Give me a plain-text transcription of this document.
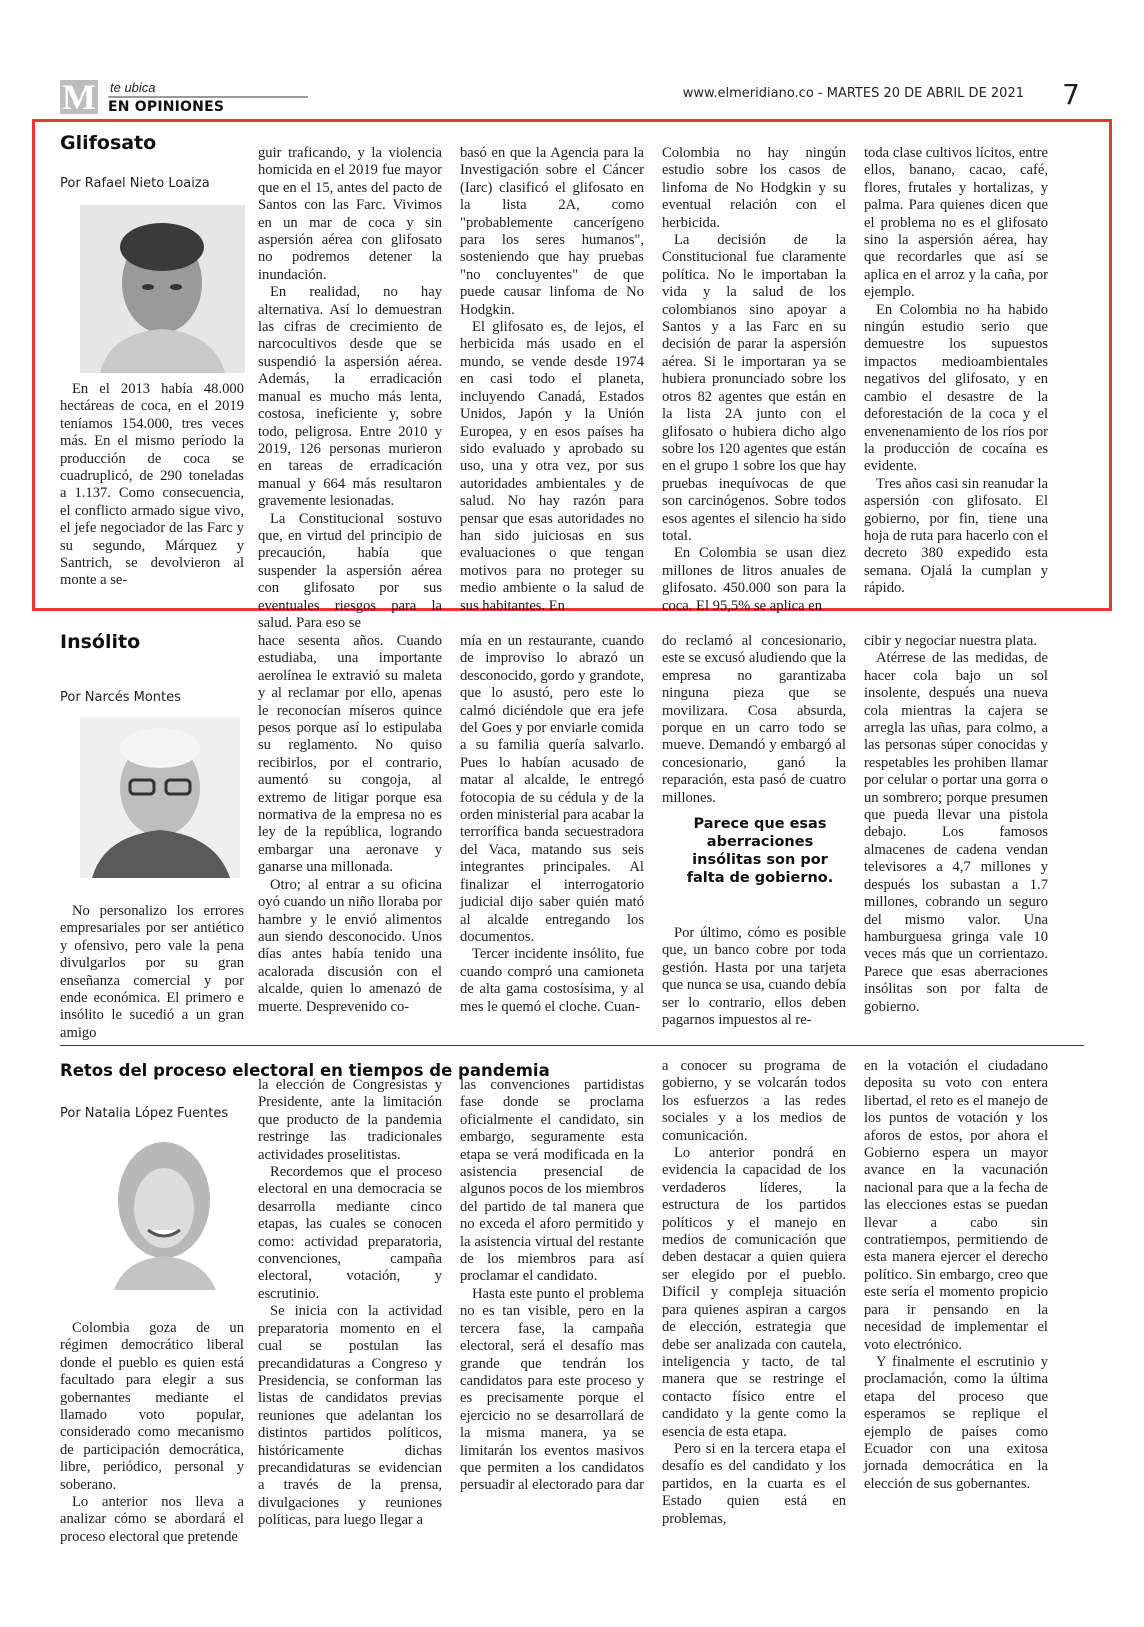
M te ubica
EN OPINIONES
www.elmeridiano.co - MARTES 20 DE ABRIL DE 2021 7
Glifosato
Por Rafael Nieto Loaiza

En el 2013 había 48.000 hectáreas de coca, en el 2019 teníamos 154.000, tres veces más. En el mismo período la producción de coca se cuadruplicó, de 290 toneladas a 1.137. Como consecuencia, el conflicto armado sigue vivo, el jefe negociador de las Farc y su segundo, Márquez y Santrich, se devolvieron al monte a se-

guir traficando, y la violencia homicida en el 2019 fue mayor que en el 15, antes del pacto de Santos con las Farc. Vivimos en un mar de coca y sin aspersión aérea con glifosato no podremos detener la inundación.

En realidad, no hay alternativa. Así lo demuestran las cifras de crecimiento de narcocultivos desde que se suspendió la aspersión aérea. Además, la erradicación manual es mucho más lenta, costosa, ineficiente y, sobre todo, peligrosa. Entre 2010 y 2019, 126 personas murieron en tareas de erradicación manual y 664 más resultaron gravemente lesionadas.

La Constitucional sostuvo que, en virtud del principio de precaución, había que suspender la aspersión aérea con glifosato por sus eventuales riesgos para la salud. Para eso se

basó en que la Agencia para la Investigación sobre el Cáncer (Iarc) clasificó el glifosato en la lista 2A, como "probablemente cancerígeno para los seres humanos", sosteniendo que hay pruebas "no concluyentes" de que puede causar linfoma de No Hodgkin.

El glifosato es, de lejos, el herbicida más usado en el mundo, se vende desde 1974 en casi todo el planeta, incluyendo Canadá, Estados Unidos, Japón y la Unión Europea, y en esos países ha sido evaluado y aprobado su uso, una y otra vez, por sus autoridades ambientales y de salud. No hay razón para pensar que esas autoridades no han sido juiciosas en sus evaluaciones o que tengan motivos para no proteger su medio ambiente o la salud de sus habitantes. En

Colombia no hay ningún estudio sobre los casos de linfoma de No Hodgkin y su eventual relación con el herbicida.

La decisión de la Constitucional fue claramente política. No le importaban la vida y la salud de los colombianos sino apoyar a Santos y a las Farc en su decisión de parar la aspersión aérea. Si le importaran ya se hubiera pronunciado sobre los otros 82 agentes que están en la lista 2A junto con el glifosato o hubiera dicho algo sobre los 120 agentes que están en el grupo 1 sobre los que hay pruebas inequívocas de que son carcinógenos. Sobre todos esos agentes el silencio ha sido total.

En Colombia se usan diez millones de litros anuales de glifosato. 450.000 son para la coca. El 95,5% se aplica en

toda clase cultivos lícitos, entre ellos, banano, cacao, café, flores, frutales y hortalizas, y palma. Para quienes dicen que el problema no es el glifosato sino la aspersión aérea, hay que recordarles que así se aplica en el arroz y la caña, por ejemplo.

En Colombia no ha habido ningún estudio serio que demuestre los supuestos impactos medioambientales negativos del glifosato, y en cambio el desastre de la deforestación de la coca y el envenenamiento de los ríos por la producción de cocaína es evidente.

Tres años casi sin reanudar la aspersión con glifosato. El gobierno, por fin, tiene una hoja de ruta para hacerlo con el decreto 380 expedido esta semana. Ojalá la cumplan y rápido.

Insólito
Por Narcés Montes

No personalizo los errores empresariales por ser antiético y ofensivo, pero vale la pena divulgarlos por su gran enseñanza comercial y por ende económica. El primero e insólito le sucedió a un gran amigo

hace sesenta años. Cuando estudiaba, una importante aerolínea le extravió su maleta y al reclamar por ello, apenas le reconocían míseros quince pesos porque así lo estipulaba su reglamento. No quiso recibirlos, por el contrario, aumentó su congoja, al extremo de litigar porque esa normativa de la empresa no es ley de la república, logrando embargar una aeronave y ganarse una millonada.

Otro; al entrar a su oficina oyó cuando un niño lloraba por hambre y le envió alimentos aun siendo desconocido. Unos días antes había tenido una acalorada discusión con el alcalde, quien lo amenazó de muerte. Desprevenido co-

mía en un restaurante, cuando de improviso lo abrazó un desconocido, gordo y grandote, que lo asustó, pero este lo calmó diciéndole que era jefe del Goes y por enviarle comida a su familia quería salvarlo. Pues lo habían acusado de matar al alcalde, le entregó fotocopia de su cédula y de la orden ministerial para acabar la terrorífica banda secuestradora del Vaca, matando sus seis integrantes principales. Al finalizar el interrogatorio judicial dijo saber quién mató al alcalde entregando los documentos.

Tercer incidente insólito, fue cuando compró una camioneta de alta gama costosísima, y al mes le quemó el cloche. Cuan-

do reclamó al concesionario, este se excusó aludiendo que la empresa no garantizaba ninguna pieza que se movilizara. Cosa absurda, porque en un carro todo se mueve. Demandó y embargó al concesionario, ganó la reparación, esta pasó de cuatro millones.

Parece que esas aberraciones insólitas son por falta de gobierno.

Por último, cómo es posible que, un banco cobre por toda gestión. Hasta por una tarjeta que nunca se usa, cuando debía ser lo contrario, ellos deben pagarnos impuestos al re-

cibir y negociar nuestra plata.

Atérrese de las medidas, de hacer cola bajo un sol insolente, después una nueva cola mientras la cajera se arregla las uñas, para colmo, a las personas súper conocidas y respetables les prohiben llamar por celular o portar una gorra o un sombrero; porque presumen que pueda llevar una pistola debajo. Los famosos almacenes de cadena vendan televisores a 4,7 millones y después los subastan a 1.7 millones, cobrando un seguro del mismo valor. Una hamburguesa gringa vale 10 veces más que un corrientazo. Parece que esas aberraciones insólitas son por falta de gobierno.

Retos del proceso electoral en tiempos de pandemia
Por Natalia López Fuentes

Colombia goza de un régimen democrático liberal donde el pueblo es quien está facultado para elegir a sus gobernantes mediante el llamado voto popular, considerado como mecanismo de participación democrática, libre, periódico, personal y soberano.

Lo anterior nos lleva a analizar cómo se abordará el proceso electoral que pretende

la elección de Congresistas y Presidente, ante la limitación que producto de la pandemia restringe las tradicionales actividades proselitistas.

Recordemos que el proceso electoral en una democracia se desarrolla mediante cinco etapas, las cuales se conocen como: actividad preparatoria, convenciones, campaña electoral, votación, y escrutinio.

Se inicia con la actividad preparatoria momento en el cual se postulan las precandidaturas a Congreso y Presidencia, se conforman las listas de candidatos previas reuniones que adelantan los distintos partidos políticos, históricamente dichas precandidaturas se evidencian a través de la prensa, divulgaciones y reuniones políticas, para luego llegar a

las convenciones partidistas fase donde se proclama oficialmente el candidato, sin embargo, seguramente esta etapa se verá modificada en la asistencia presencial de algunos pocos de los miembros del partido de tal manera que no exceda el aforo permitido y la asistencia virtual del restante de los miembros para así proclamar el candidato.

Hasta este punto el problema no es tan visible, pero en la tercera fase, la campaña electoral, será el desafío mas grande que tendrán los candidatos para este proceso y es precisamente porque el ejercicio no se desarrollará de la misma manera, ya se limitarán los eventos masivos que permiten a los candidatos persuadir al electorado para dar

a conocer su programa de gobierno, y se volcarán todos los esfuerzos a las redes sociales y a los medios de comunicación.

Lo anterior pondrá en evidencia la capacidad de los verdaderos líderes, la estructura de los partidos políticos y el manejo en medios de comunicación que deben destacar a quien quiera ser elegido por el pueblo. Difícil y compleja situación para quienes aspiran a cargos de elección, estrategia que debe ser analizada con cautela, inteligencia y tacto, de tal manera que se restringe el contacto físico entre el candidato y la gente como la esencia de esta etapa.

Pero si en la tercera etapa el desafío es del candidato y los partidos, en la cuarta es el Estado quien está en problemas,

en la votación el ciudadano deposita su voto con entera libertad, el reto es el manejo de los puntos de votación y los aforos de estos, por ahora el Gobierno espera un mayor avance en la vacunación nacional para que a la fecha de las elecciones estas se puedan llevar a cabo sin contratiempos, permitiendo de esta manera ejercer el derecho político. Sin embargo, creo que este sería el momento propicio para ir pensando en la necesidad de implementar el voto electrónico.

Y finalmente el escrutinio y proclamación, como la última etapa del proceso que esperamos se replique el ejemplo de países como Ecuador con una exitosa jornada democrática en la elección de sus gobernantes.
